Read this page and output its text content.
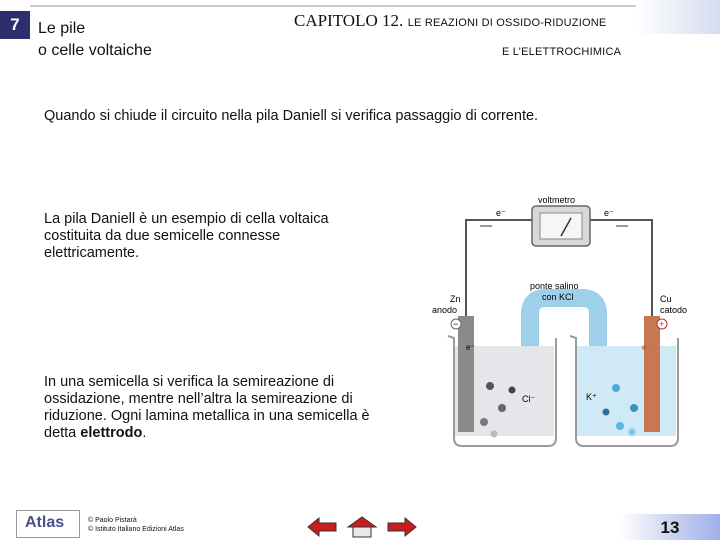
7	Le pile
o celle voltaiche
CAPITOLO 12. LE REAZIONI DI OSSIDO-RIDUZIONE
E L’ELETTROCHIMICA
Quando si chiude il circuito nella pila Daniell si verifica passaggio di corrente.
La pila Daniell è un esempio di cella voltaica costituita da due semicelle connesse elettricamente.
In una semicella si verifica la semireazione di ossidazione, mentre nell’altra la semireazione di riduzione. Ogni lamina metallica in una semicella è detta elettrodo.
voltmetro
e⁻	e⁻
ponte salino
con KCl
−	+
Zn
anodo
Cu
catodo
e⁻	e⁻
Cl⁻	K⁺
Atlas	© Paolo Pistarà
© Istituto Italiano Edizioni Atlas	13
